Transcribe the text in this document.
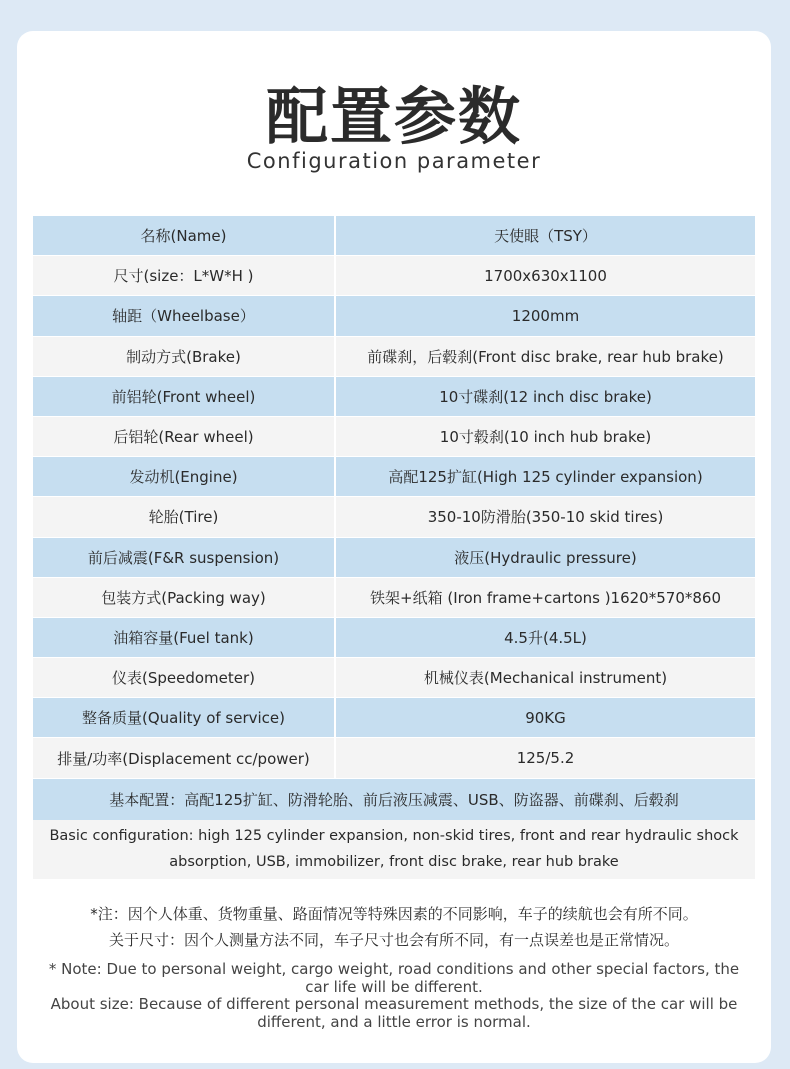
配置参数
Configuration parameter
名称(Name)	天使眼（TSY）
尺寸(size：L*W*H )	1700x630x1100
轴距（Wheelbase）	1200mm
制动方式(Brake)	前碟刹，后毂刹(Front disc brake, rear hub brake)
前铝轮(Front wheel)	10寸碟刹(12 inch disc brake)
后铝轮(Rear wheel)	10寸毂刹(10 inch hub brake)
发动机(Engine)	高配125扩缸(High 125 cylinder expansion)
轮胎(Tire)	350-10防滑胎(350-10 skid tires)
前后减震(F&R suspension)	液压(Hydraulic pressure)
包装方式(Packing way)	铁架+纸箱 (Iron frame+cartons )1620*570*860
油箱容量(Fuel tank)	4.5升(4.5L)
仪表(Speedometer)	机械仪表(Mechanical instrument)
整备质量(Quality of service)	90KG
排量/功率(Displacement cc/power)	125/5.2
基本配置：高配125扩缸、防滑轮胎、前后液压减震、USB、防盗器、前碟刹、后毂刹
Basic configuration: high 125 cylinder expansion, non-skid tires, front and rear hydraulic shock absorption, USB, immobilizer, front disc brake, rear hub brake

*注：因个人体重、货物重量、路面情况等特殊因素的不同影响，车子的续航也会有所不同。

关于尺寸：因个人测量方法不同，车子尺寸也会有所不同，有一点误差也是正常情况。

* Note: Due to personal weight, cargo weight, road conditions and other special factors, the car life will be different.

About size: Because of different personal measurement methods, the size of the car will be different, and a little error is normal.
